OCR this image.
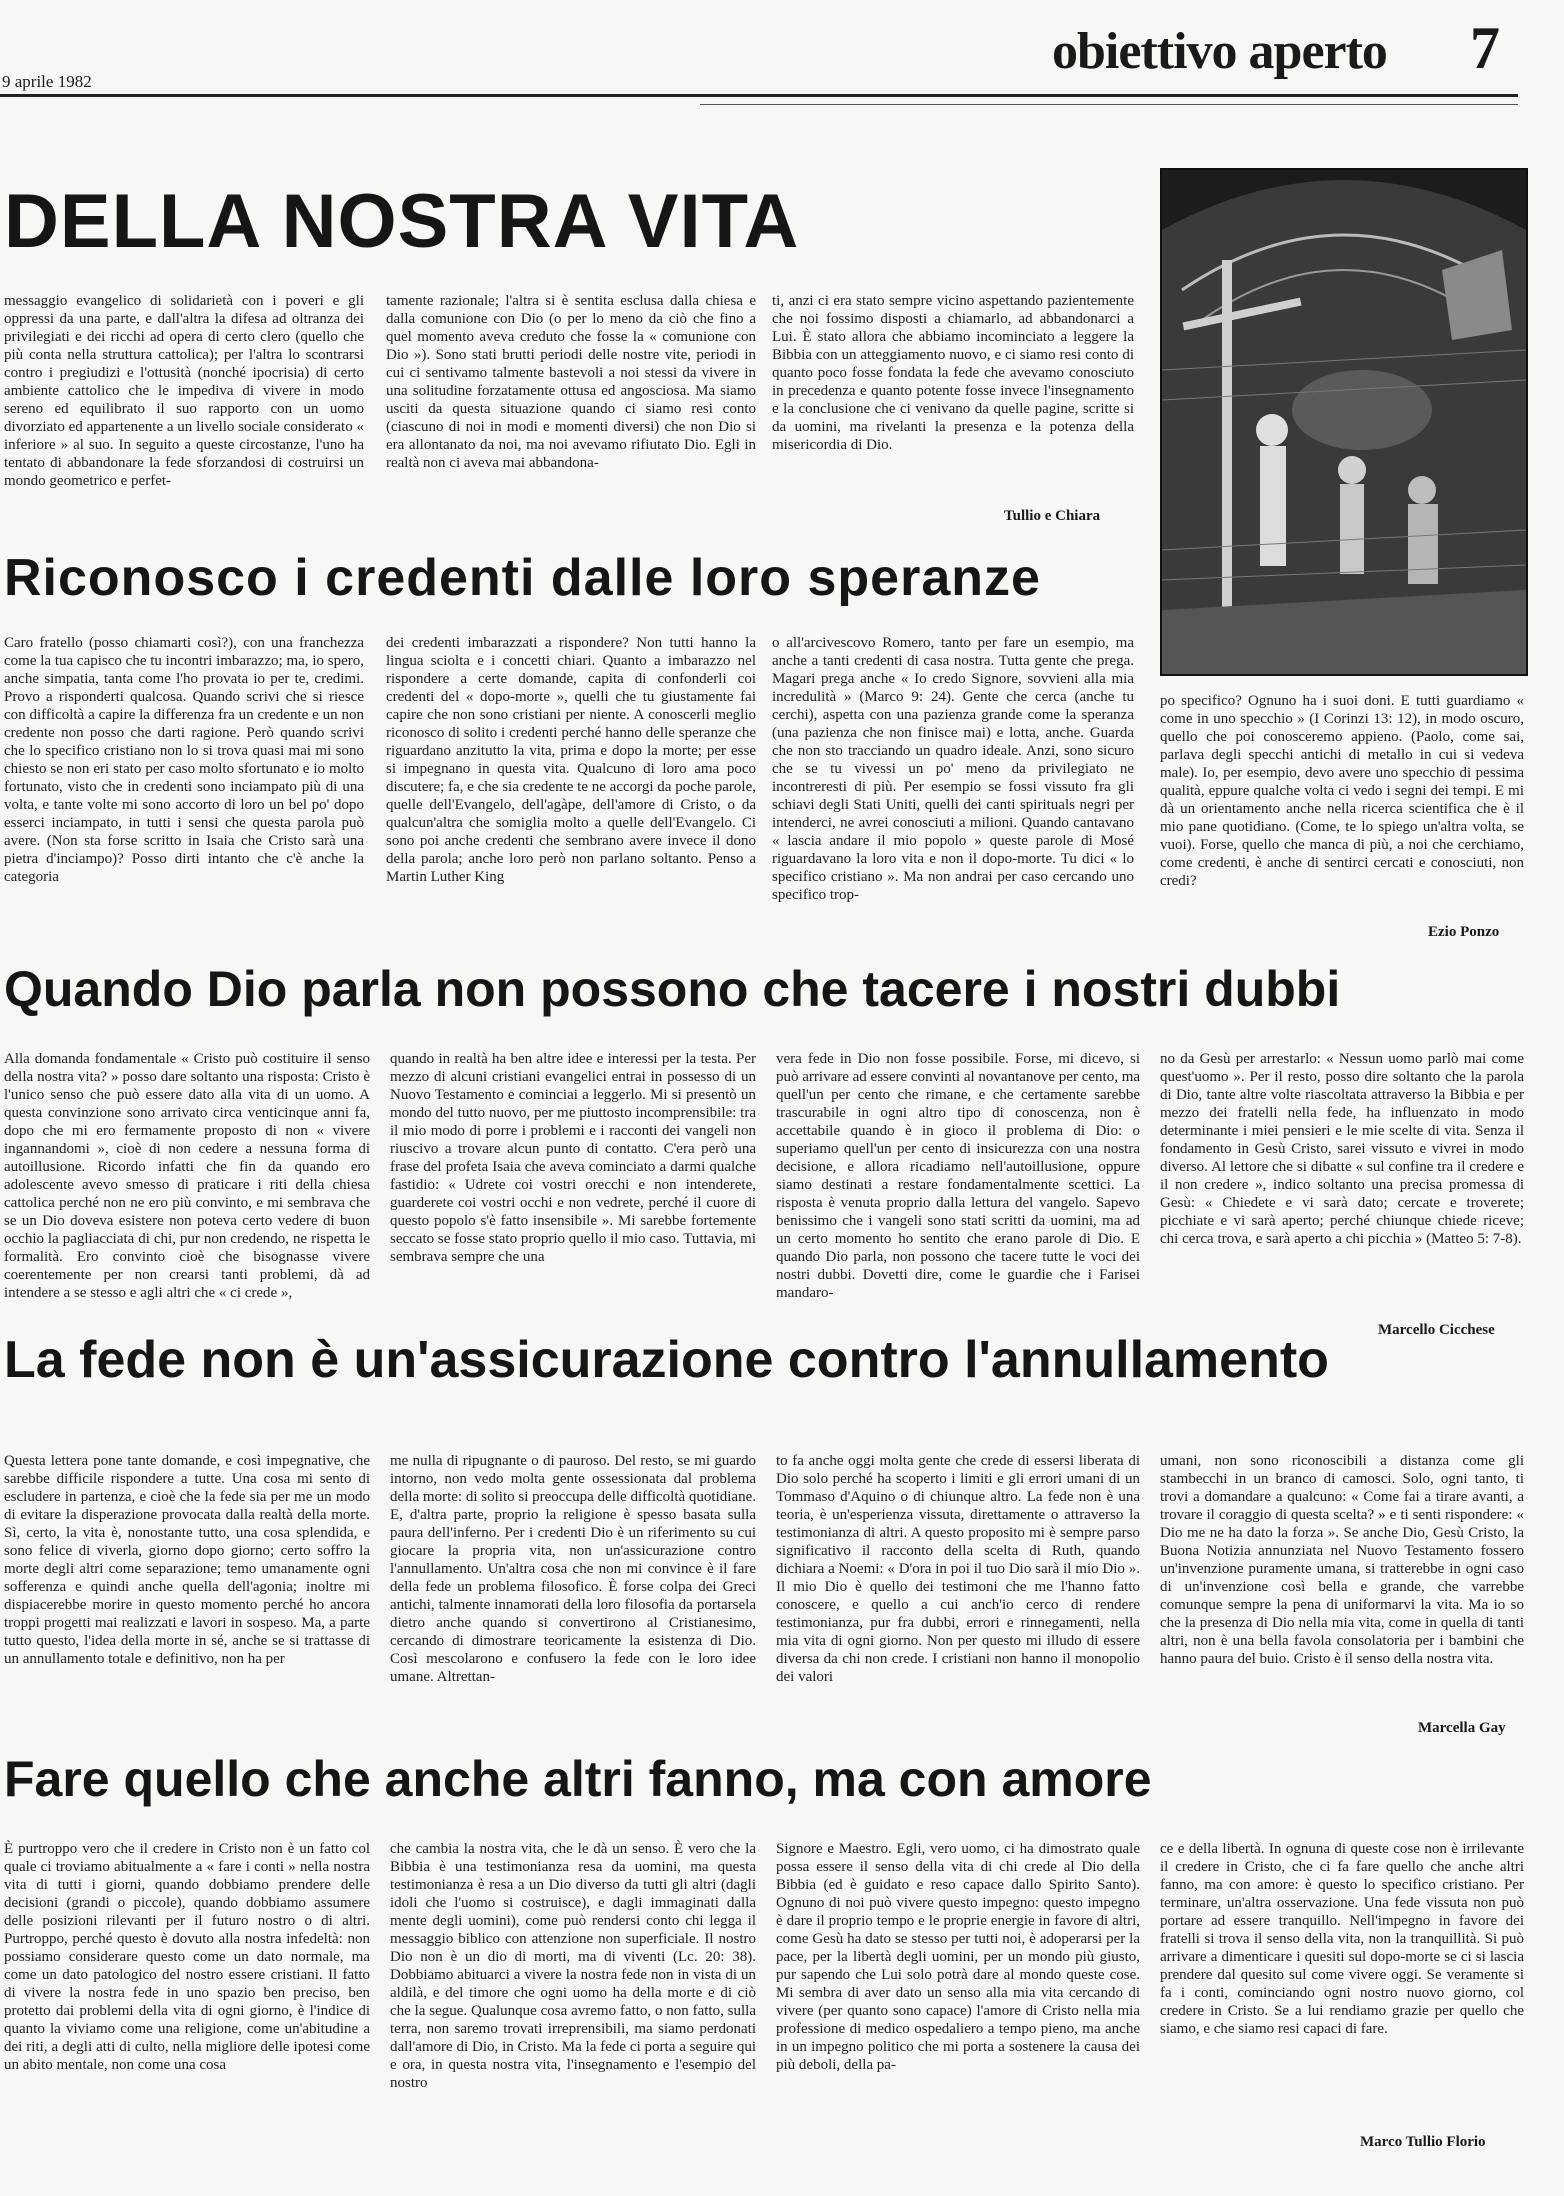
9 aprile 1982
obiettivo aperto 7
DELLA NOSTRA VITA
messaggio evangelico di solidarietà con i poveri e gli oppressi da una parte, e dall'altra la difesa ad oltranza dei privilegiati e dei ricchi ad opera di certo clero (quello che più conta nella struttura cattolica); per l'altra lo scontrarsi contro i pregiudizi e l'ottusità (nonché ipocrisia) di certo ambiente cattolico che le impediva di vivere in modo sereno ed equilibrato il suo rapporto con un uomo divorziato ed appartenente a un livello sociale considerato « inferiore » al suo. In seguito a queste circostanze, l'uno ha tentato di abbandonare la fede sforzandosi di costruirsi un mondo geometrico e perfet-
tamente razionale; l'altra si è sentita esclusa dalla chiesa e dalla comunione con Dio (o per lo meno da ciò che fino a quel momento aveva creduto che fosse la « comunione con Dio »). Sono stati brutti periodi delle nostre vite, periodi in cui ci sentivamo talmente bastevoli a noi stessi da vivere in una solitudine forzatamente ottusa ed angosciosa. Ma siamo usciti da questa situazione quando ci siamo resi conto (ciascuno di noi in modi e momenti diversi) che non Dio si era allontanato da noi, ma noi avevamo rifiutato Dio. Egli in realtà non ci aveva mai abbandona-
ti, anzi ci era stato sempre vicino aspettando pazientemente che noi fossimo disposti a chiamarlo, ad abbandonarci a Lui. È stato allora che abbiamo incominciato a leggere la Bibbia con un atteggiamento nuovo, e ci siamo resi conto di quanto poco fosse fondata la fede che avevamo conosciuto in precedenza e quanto potente fosse invece l'insegnamento e la conclusione che ci venivano da quelle pagine, scritte si da uomini, ma rivelanti la presenza e la potenza della misericordia di Dio.
Tullio e Chiara
Riconosco i credenti dalle loro speranze
Caro fratello (posso chiamarti così?), con una franchezza come la tua capisco che tu incontri imbarazzo; ma, io spero, anche simpatia, tanta come l'ho provata io per te, credimi. Provo a risponderti qualcosa. Quando scrivi che si riesce con difficoltà a capire la differenza fra un credente e un non credente non posso che darti ragione. Però quando scrivi che lo specifico cristiano non lo si trova quasi mai mi sono chiesto se non eri stato per caso molto sfortunato e io molto fortunato, visto che in credenti sono inciampato più di una volta, e tante volte mi sono accorto di loro un bel po' dopo esserci inciampato, in tutti i sensi che questa parola può avere. (Non sta forse scritto in Isaia che Cristo sarà una pietra d'inciampo)? Posso dirti intanto che c'è anche la categoria
dei credenti imbarazzati a rispondere? Non tutti hanno la lingua sciolta e i concetti chiari. Quanto a imbarazzo nel rispondere a certe domande, capita di confonderli coi credenti del « dopo-morte », quelli che tu giustamente fai capire che non sono cristiani per niente. A conoscerli meglio riconosco di solito i credenti perché hanno delle speranze che riguardano anzitutto la vita, prima e dopo la morte; per esse si impegnano in questa vita. Qualcuno di loro ama poco discutere; fa, e che sia credente te ne accorgi da poche parole, quelle dell'Evangelo, dell'agàpe, dell'amore di Cristo, o da qualcun'altra che somiglia molto a quelle dell'Evangelo. Ci sono poi anche credenti che sembrano avere invece il dono della parola; anche loro però non parlano soltanto. Penso a Martin Luther King
o all'arcivescovo Romero, tanto per fare un esempio, ma anche a tanti credenti di casa nostra. Tutta gente che prega. Magari prega anche « Io credo Signore, sovvieni alla mia incredulità » (Marco 9: 24). Gente che cerca (anche tu cerchi), aspetta con una pazienza grande come la speranza (una pazienza che non finisce mai) e lotta, anche. Guarda che non sto tracciando un quadro ideale. Anzi, sono sicuro che se tu vivessi un po' meno da privilegiato ne incontreresti di più. Per esempio se fossi vissuto fra gli schiavi degli Stati Uniti, quelli dei canti spirituals negri per intenderci, ne avrei conosciuti a milioni. Quando cantavano « lascia andare il mio popolo » queste parole di Mosé riguardavano la loro vita e non il dopo-morte. Tu dici « lo specifico cristiano ». Ma non andrai per caso cercando uno specifico trop-
po specifico? Ognuno ha i suoi doni. E tutti guardiamo « come in uno specchio » (I Corinzi 13: 12), in modo oscuro, quello che poi conosceremo appieno. (Paolo, come sai, parlava degli specchi antichi di metallo in cui si vedeva male). Io, per esempio, devo avere uno specchio di pessima qualità, eppure qualche volta ci vedo i segni dei tempi. E mi dà un orientamento anche nella ricerca scientifica che è il mio pane quotidiano. (Come, te lo spiego un'altra volta, se vuoi). Forse, quello che manca di più, a noi che cerchiamo, come credenti, è anche di sentirci cercati e conosciuti, non credi?
Ezio Ponzo
Quando Dio parla non possono che tacere i nostri dubbi
Alla domanda fondamentale « Cristo può costituire il senso della nostra vita? » posso dare soltanto una risposta: Cristo è l'unico senso che può essere dato alla vita di un uomo. A questa convinzione sono arrivato circa venticinque anni fa, dopo che mi ero fermamente proposto di non « vivere ingannandomi », cioè di non cedere a nessuna forma di autoillusione. Ricordo infatti che fin da quando ero adolescente avevo smesso di praticare i riti della chiesa cattolica perché non ne ero più convinto, e mi sembrava che se un Dio doveva esistere non poteva certo vedere di buon occhio la pagliacciata di chi, pur non credendo, ne rispetta le formalità. Ero convinto cioè che bisognasse vivere coerentemente per non crearsi tanti problemi, dà ad intendere a se stesso e agli altri che « ci crede »,
quando in realtà ha ben altre idee e interessi per la testa. Per mezzo di alcuni cristiani evangelici entrai in possesso di un Nuovo Testamento e cominciai a leggerlo. Mi si presentò un mondo del tutto nuovo, per me piuttosto incomprensibile: tra il mio modo di porre i problemi e i racconti dei vangeli non riuscivo a trovare alcun punto di contatto. C'era però una frase del profeta Isaia che aveva cominciato a darmi qualche fastidio: « Udrete coi vostri orecchi e non intenderete, guarderete coi vostri occhi e non vedrete, perché il cuore di questo popolo s'è fatto insensibile ». Mi sarebbe fortemente seccato se fosse stato proprio quello il mio caso. Tuttavia, mi sembrava sempre che una
vera fede in Dio non fosse possibile. Forse, mi dicevo, si può arrivare ad essere convinti al novantanove per cento, ma quell'un per cento che rimane, e che certamente sarebbe trascurabile in ogni altro tipo di conoscenza, non è accettabile quando è in gioco il problema di Dio: o superiamo quell'un per cento di insicurezza con una nostra decisione, e allora ricadiamo nell'autoillusione, oppure siamo destinati a restare fondamentalmente scettici. La risposta è venuta proprio dalla lettura del vangelo. Sapevo benissimo che i vangeli sono stati scritti da uomini, ma ad un certo momento ho sentito che erano parole di Dio. E quando Dio parla, non possono che tacere tutte le voci dei nostri dubbi. Dovetti dire, come le guardie che i Farisei mandaro-
no da Gesù per arrestarlo: « Nessun uomo parlò mai come quest'uomo ». Per il resto, posso dire soltanto che la parola di Dio, tante altre volte riascoltata attraverso la Bibbia e per mezzo dei fratelli nella fede, ha influenzato in modo determinante i miei pensieri e le mie scelte di vita. Senza il fondamento in Gesù Cristo, sarei vissuto e vivrei in modo diverso. Al lettore che si dibatte « sul confine tra il credere e il non credere », indico soltanto una precisa promessa di Gesù: « Chiedete e vi sarà dato; cercate e troverete; picchiate e vi sarà aperto; perché chiunque chiede riceve; chi cerca trova, e sarà aperto a chi picchia » (Matteo 5: 7-8).
Marcello Cicchese
La fede non è un'assicurazione contro l'annullamento
Questa lettera pone tante domande, e così impegnative, che sarebbe difficile rispondere a tutte. Una cosa mi sento di escludere in partenza, e cioè che la fede sia per me un modo di evitare la disperazione provocata dalla realtà della morte. Sì, certo, la vita è, nonostante tutto, una cosa splendida, e sono felice di viverla, giorno dopo giorno; certo soffro la morte degli altri come separazione; temo umanamente ogni sofferenza e quindi anche quella dell'agonia; inoltre mi dispiacerebbe morire in questo momento perché ho ancora troppi progetti mai realizzati e lavori in sospeso. Ma, a parte tutto questo, l'idea della morte in sé, anche se si trattasse di un annullamento totale e definitivo, non ha per
me nulla di ripugnante o di pauroso. Del resto, se mi guardo intorno, non vedo molta gente ossessionata dal problema della morte: di solito si preoccupa delle difficoltà quotidiane. E, d'altra parte, proprio la religione è spesso basata sulla paura dell'inferno. Per i credenti Dio è un riferimento su cui giocare la propria vita, non un'assicurazione contro l'annullamento. Un'altra cosa che non mi convince è il fare della fede un problema filosofico. È forse colpa dei Greci antichi, talmente innamorati della loro filosofia da portarsela dietro anche quando si convertirono al Cristianesimo, cercando di dimostrare teoricamente la esistenza di Dio. Così mescolarono e confusero la fede con le loro idee umane. Altrettan-
to fa anche oggi molta gente che crede di essersi liberata di Dio solo perché ha scoperto i limiti e gli errori umani di un Tommaso d'Aquino o di chiunque altro. La fede non è una teoria, è un'esperienza vissuta, direttamente o attraverso la testimonianza di altri. A questo proposito mi è sempre parso significativo il racconto della scelta di Ruth, quando dichiara a Noemi: « D'ora in poi il tuo Dio sarà il mio Dio ». Il mio Dio è quello dei testimoni che me l'hanno fatto conoscere, e quello a cui anch'io cerco di rendere testimonianza, pur fra dubbi, errori e rinnegamenti, nella mia vita di ogni giorno. Non per questo mi illudo di essere diversa da chi non crede. I cristiani non hanno il monopolio dei valori
umani, non sono riconoscibili a distanza come gli stambecchi in un branco di camosci. Solo, ogni tanto, ti trovi a domandare a qualcuno: « Come fai a tirare avanti, a trovare il coraggio di questa scelta? » e ti senti rispondere: « Dio me ne ha dato la forza ». Se anche Dio, Gesù Cristo, la Buona Notizia annunziata nel Nuovo Testamento fossero un'invenzione puramente umana, si tratterebbe in ogni caso di un'invenzione così bella e grande, che varrebbe comunque sempre la pena di uniformarvi la vita. Ma io so che la presenza di Dio nella mia vita, come in quella di tanti altri, non è una bella favola consolatoria per i bambini che hanno paura del buio. Cristo è il senso della nostra vita.
Marcella Gay
Fare quello che anche altri fanno, ma con amore
È purtroppo vero che il credere in Cristo non è un fatto col quale ci troviamo abitualmente a « fare i conti » nella nostra vita di tutti i giorni, quando dobbiamo prendere delle decisioni (grandi o piccole), quando dobbiamo assumere delle posizioni rilevanti per il futuro nostro o di altri. Purtroppo, perché questo è dovuto alla nostra infedeltà: non possiamo considerare questo come un dato normale, ma come un dato patologico del nostro essere cristiani. Il fatto di vivere la nostra fede in uno spazio ben preciso, ben protetto dai problemi della vita di ogni giorno, è l'indice di quanto la viviamo come una religione, come un'abitudine a dei riti, a degli atti di culto, nella migliore delle ipotesi come un abito mentale, non come una cosa
che cambia la nostra vita, che le dà un senso. È vero che la Bibbia è una testimonianza resa da uomini, ma questa testimonianza è resa a un Dio diverso da tutti gli altri (dagli idoli che l'uomo si costruisce), e dagli immaginati dalla mente degli uomini), come può rendersi conto chi legga il messaggio biblico con attenzione non superficiale. Il nostro Dio non è un dio di morti, ma di viventi (Lc. 20: 38). Dobbiamo abituarci a vivere la nostra fede non in vista di un aldilà, e del timore che ogni uomo ha della morte e di ciò che la segue. Qualunque cosa avremo fatto, o non fatto, sulla terra, non saremo trovati irreprensibili, ma siamo perdonati dall'amore di Dio, in Cristo. Ma la fede ci porta a seguire qui e ora, in questa nostra vita, l'insegnamento e l'esempio del nostro
Signore e Maestro. Egli, vero uomo, ci ha dimostrato quale possa essere il senso della vita di chi crede al Dio della Bibbia (ed è guidato e reso capace dallo Spirito Santo). Ognuno di noi può vivere questo impegno: questo impegno è dare il proprio tempo e le proprie energie in favore di altri, come Gesù ha dato se stesso per tutti noi, è adoperarsi per la pace, per la libertà degli uomini, per un mondo più giusto, pur sapendo che Lui solo potrà dare al mondo queste cose. Mi sembra di aver dato un senso alla mia vita cercando di vivere (per quanto sono capace) l'amore di Cristo nella mia professione di medico ospedaliero a tempo pieno, ma anche in un impegno politico che mi porta a sostenere la causa dei più deboli, della pa-
ce e della libertà. In ognuna di queste cose non è irrilevante il credere in Cristo, che ci fa fare quello che anche altri fanno, ma con amore: è questo lo specifico cristiano. Per terminare, un'altra osservazione. Una fede vissuta non può portare ad essere tranquillo. Nell'impegno in favore dei fratelli si trova il senso della vita, non la tranquillità. Si può arrivare a dimenticare i quesiti sul dopo-morte se ci si lascia prendere dal quesito sul come vivere oggi. Se veramente si fa i conti, cominciando ogni nostro nuovo giorno, col credere in Cristo. Se a lui rendiamo grazie per quello che siamo, e che siamo resi capaci di fare.
Marco Tullio Florio
